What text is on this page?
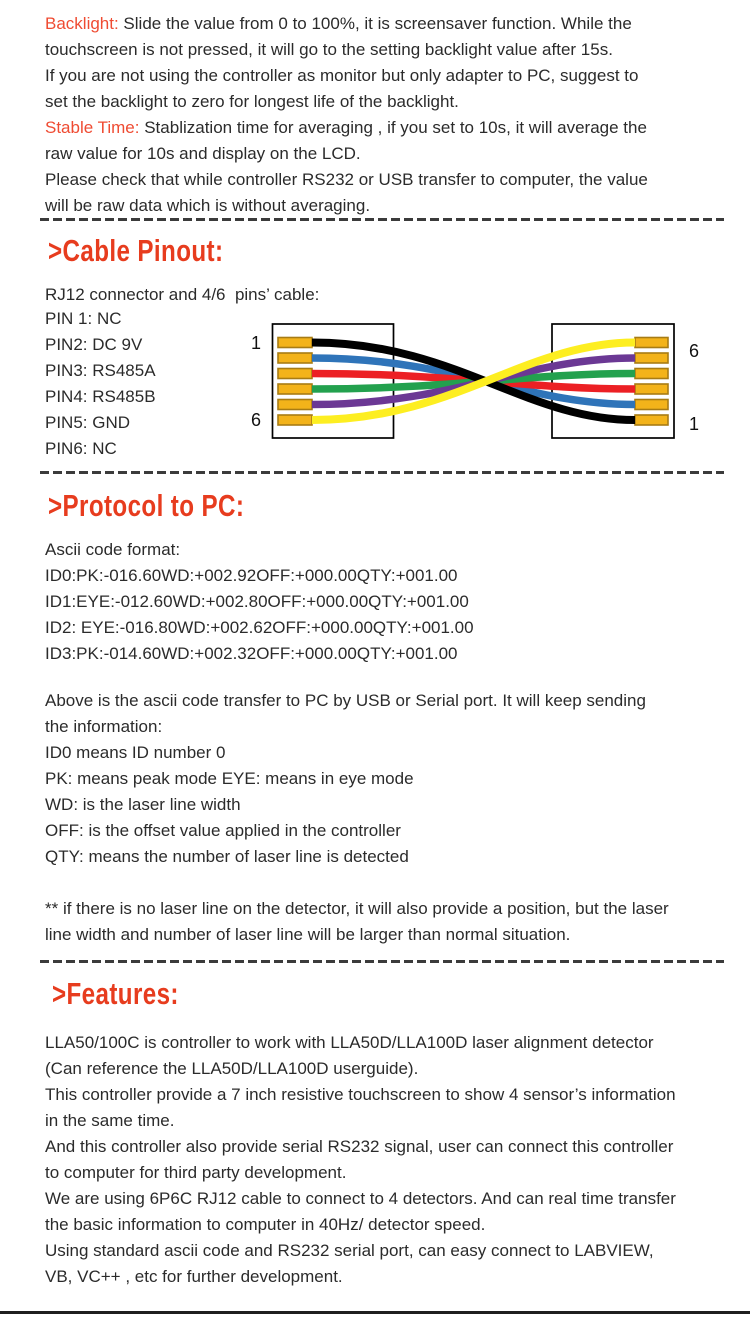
Backlight: Slide the value from 0 to 100%, it is screensaver function. While the
touchscreen is not pressed, it will go to the setting backlight value after 15s.
If you are not using the controller as monitor but only adapter to PC, suggest to
set the backlight to zero for longest life of the backlight.
Stable Time: Stablization time for averaging , if you set to 10s, it will average the
raw value for 10s and display on the LCD.
Please check that while controller RS232 or USB transfer to computer, the value
will be raw data which is without averaging.
>Cable Pinout:
RJ12 connector and 4/6  pins’ cable:
PIN 1: NC
PIN2: DC 9V
PIN3: RS485A
PIN4: RS485B
PIN5: GND
PIN6: NC
1
6
6
1
>Protocol to PC:
Ascii code format:
ID0:PK:-016.60WD:+002.92OFF:+000.00QTY:+001.00
ID1:EYE:-012.60WD:+002.80OFF:+000.00QTY:+001.00
ID2: EYE:-016.80WD:+002.62OFF:+000.00QTY:+001.00
ID3:PK:-014.60WD:+002.32OFF:+000.00QTY:+001.00
Above is the ascii code transfer to PC by USB or Serial port. It will keep sending
the information:
ID0 means ID number 0
PK: means peak mode EYE: means in eye mode
WD: is the laser line width
OFF: is the offset value applied in the controller
QTY: means the number of laser line is detected
** if there is no laser line on the detector, it will also provide a position, but the laser
line width and number of laser line will be larger than normal situation.
>Features:
LLA50/100C is controller to work with LLA50D/LLA100D laser alignment detector
(Can reference the LLA50D/LLA100D userguide).
This controller provide a 7 inch resistive touchscreen to show 4 sensor’s information
in the same time.
And this controller also provide serial RS232 signal, user can connect this controller
to computer for third party development.
We are using 6P6C RJ12 cable to connect to 4 detectors. And can real time transfer
the basic information to computer in 40Hz/ detector speed.
Using standard ascii code and RS232 serial port, can easy connect to LABVIEW,
VB, VC++ , etc for further development.
